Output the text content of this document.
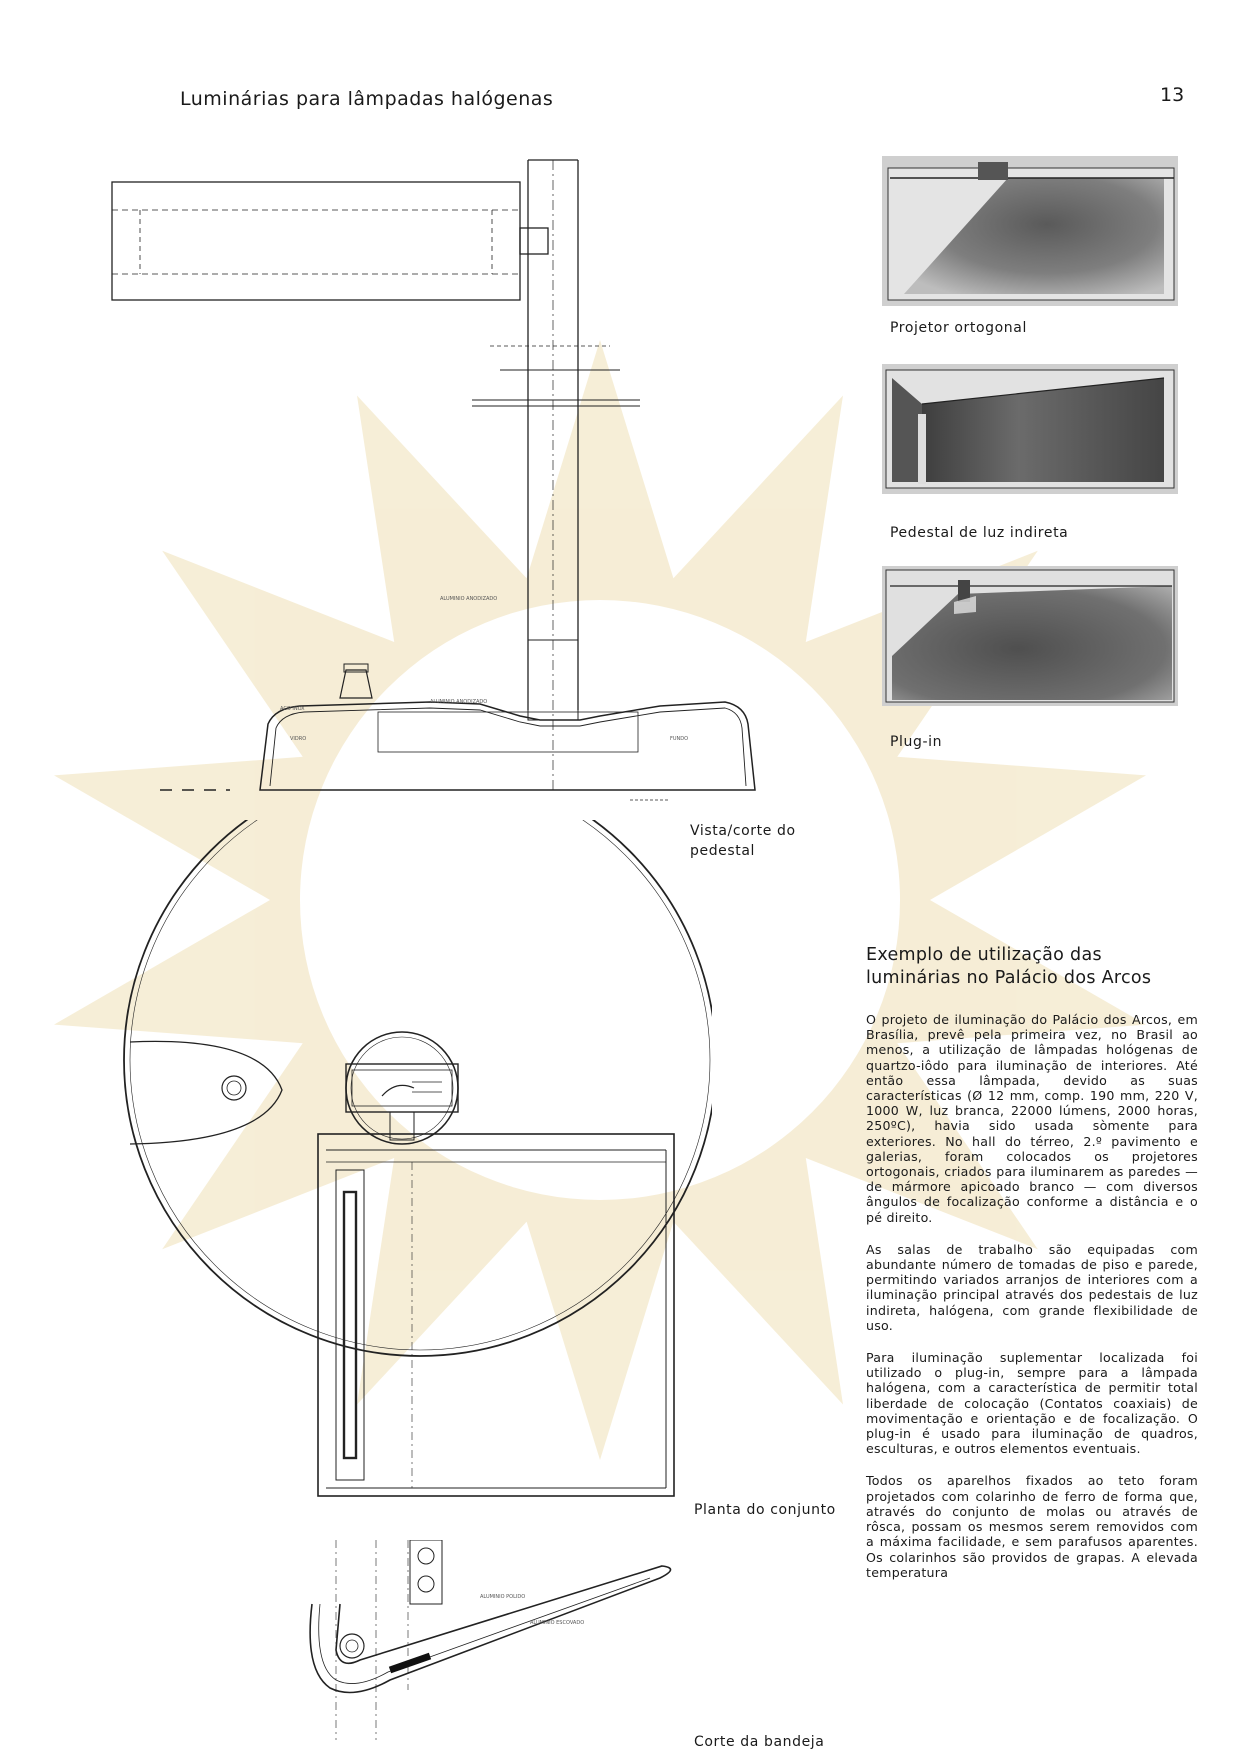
Luminárias para lâmpadas halógenas	13
ALUMINIO ANODIZADO
ACO INOX
ALUMINIO ANODIZADO
VIDRO	FUNDO
Projetor ortogonal
Pedestal de luz indireta
Plug-in
Vista/corte do pedestal
Planta do conjunto
ALUMINIO POLIDO
ALUMINIO ESCOVADO
Corte da bandeja
Exemplo de utilização das luminárias no Palácio dos Arcos

O projeto de iluminação do Palácio dos Arcos, em Brasília, prevê pela primeira vez, no Brasil ao menos, a utilização de lâmpadas hológenas de quartzo-iôdo para iluminação de interiores. Até então essa lâmpada, devido as suas características (Ø 12 mm, comp. 190 mm, 220 V, 1000 W, luz branca, 22000 lúmens, 2000 horas, 250ºC), havia sido usada sòmente para exteriores. No hall do térreo, 2.º pavimento e galerias, foram colocados os projetores ortogonais, criados para iluminarem as paredes — de mármore apicoado branco — com diversos ângulos de focalização conforme a distância e o pé direito.

As salas de trabalho são equipadas com abundante número de tomadas de piso e parede, permitindo variados arranjos de interiores com a iluminação principal através dos pedestais de luz indireta, halógena, com grande flexibilidade de uso.

Para iluminação suplementar localizada foi utilizado o plug-in, sempre para a lâmpada halógena, com a característica de permitir total liberdade de colocação (Contatos coaxiais) de movimentação e orientação e de focalização. O plug-in é usado para iluminação de quadros, esculturas, e outros elementos eventuais.

Todos os aparelhos fixados ao teto foram projetados com colarinho de ferro de forma que, através do conjunto de molas ou através de rôsca, possam os mesmos serem removidos com a máxima facilidade, e sem parafusos aparentes. Os colarinhos são providos de grapas. A elevada temperatura
